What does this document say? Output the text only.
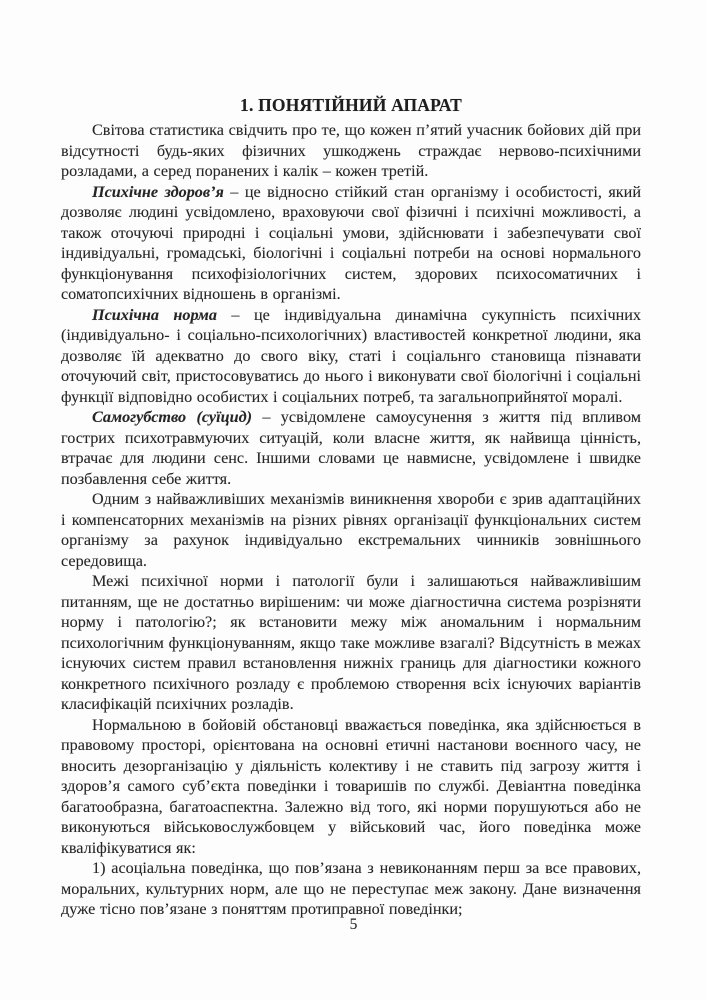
1. ПОНЯТІЙНИЙ АПАРАТ

Світова статистика свідчить про те, що кожен п’ятий учасник бойових дій при відсутності будь-яких фізичних ушкоджень страждає нервово-психічними розладами, а серед поранених і калік – кожен третій.

Психічне здоров’я – це відносно стійкий стан організму і особистості, який дозволяє людині усвідомлено, враховуючи свої фізичні і психічні можливості, а також оточуючі природні і соціальні умови, здійснювати і забезпечувати свої індивідуальні, громадські, біологічні і соціальні потреби на основі нормального функціонування психофізіологічних систем, здорових психосоматичних і соматопсихічних відношень в організмі.

Психічна норма – це індивідуальна динамічна сукупність психічних (індивідуально- і соціально-психологічних) властивостей конкретної людини, яка дозволяє їй адекватно до свого віку, статі і соціальнго становища пізнавати оточуючий світ, пристосовуватись до нього і виконувати свої біологічні і соціальні функції відповідно особистих і соціальних потреб, та загальноприйнятої моралі.

Самогубство (суїцид) – усвідомлене самоусунення з життя під впливом гострих психотравмуючих ситуацій, коли власне життя, як найвища цінність, втрачає для людини сенс. Іншими словами це навмисне, усвідомлене і швидке позбавлення себе життя.

Одним з найважливіших механізмів виникнення хвороби є зрив адаптаційних і компенсаторних механізмів на різних рівнях організації функціональних систем організму за рахунок індивідуально екстремальних чинників зовнішнього середовища.

Межі психічної норми і патології були і залишаються найважливішим питанням, ще не достатньо вирішеним: чи може діагностична система розрізняти норму і патологію?; як встановити межу між аномальним і нормальним психологічним функціонуванням, якщо таке можливе взагалі? Відсутність в межах існуючих систем правил встановлення нижніх границь для діагностики кожного конкретного психічного розладу є проблемою створення всіх існуючих варіантів класифікацій психічних розладів.

Нормальною в бойовій обстановці вважається поведінка, яка здійснюється в правовому просторі, орієнтована на основні етичні настанови воєнного часу, не вносить дезорганізацію у діяльність колективу і не ставить під загрозу життя і здоров’я самого суб’єкта поведінки і товаришів по службі. Девіантна поведінка багатообразна, багатоаспектна. Залежно від того, які норми порушуються або не виконуються військовослужбовцем у військовий час, його поведінка може кваліфікуватися як:

1) асоціальна поведінка, що пов’язана з невиконанням перш за все правових, моральних, культурних норм, але що не переступає меж закону. Дане визначення дуже тісно пов’язане з поняттям протиправної поведінки;

5
